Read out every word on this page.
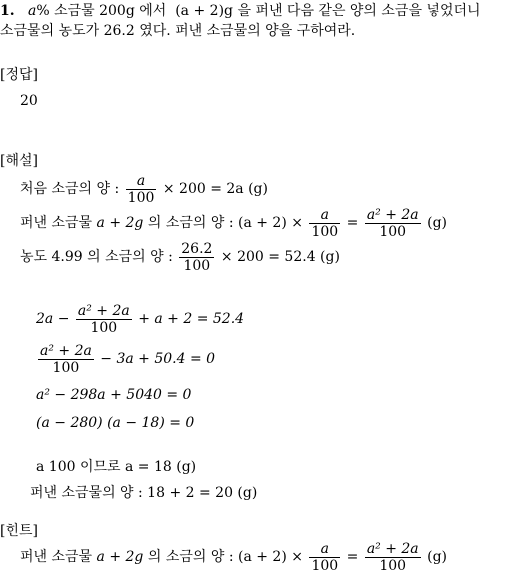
1. a% 소금물 200g 에서 (a + 2)g 을 퍼낸 다음 같은 양의 소금을 넣었더니
소금물의 농도가 26.2 였다. 퍼낸 소금물의 양을 구하여라.
[정답]
20
[해설]
처음 소금의 양 : $\frac{a}{100} \times 200 = 2a$ (g)
퍼낸 소금물 a + 2g 의 소금의 양 : $(a + 2) \times \frac{a}{100} = \frac{\text{a² + 2a}}{100} (g)$
농도 4.99 의 소금의 양 : $\frac{26.2}{100} \times 200 = 52.4$ (g)
$2a - \frac{\text{a² + 2a}}{100} + a + 2 = 52.4$
$\frac{\text{a² + 2a}}{100} - 3a + 50.4 = 0$
a² − 298a + 5040 = 0
(a − 280) (a − 18) = 0
a 100 이므로 a = 18 (g)
퍼낸 소금물의 양 : 18 + 2 = 20 (g)
[힌트]
퍼낸 소금물 a + 2g 의 소금의 양 : $(a + 2) \times \frac{a}{100} = \frac{\text{a² + 2a}}{100} (g)$
